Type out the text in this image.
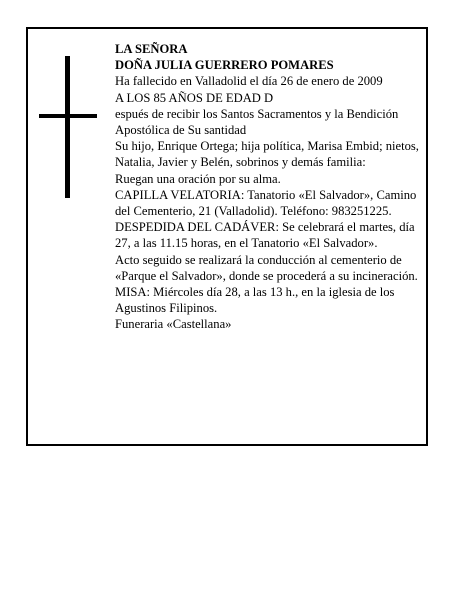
LA SEÑORA

DOÑA JULIA GUERRERO POMARES

Ha fallecido en Valladolid el día 26 de enero de 2009

A LOS 85 AÑOS DE EDAD D

espués de recibir los Santos Sacramentos y la Bendición Apostólica de Su santidad

Su hijo, Enrique Ortega; hija política, Marisa Embid; nietos, Natalia, Javier y Belén, sobrinos y demás familia:

Ruegan una oración por su alma.

CAPILLA VELATORIA: Tanatorio «El Salvador», Camino del Cementerio, 21 (Valladolid). Teléfono: 983251225.

DESPEDIDA DEL CADÁVER: Se celebrará el martes, día 27, a las 11.15 horas, en el Tanatorio «El Salvador».

Acto seguido se realizará la conducción al cementerio de «Parque el Salvador», donde se procederá a su incineración.

MISA: Miércoles día 28, a las 13 h., en la iglesia de los Agustinos Filipinos.

Funeraria «Castellana»
